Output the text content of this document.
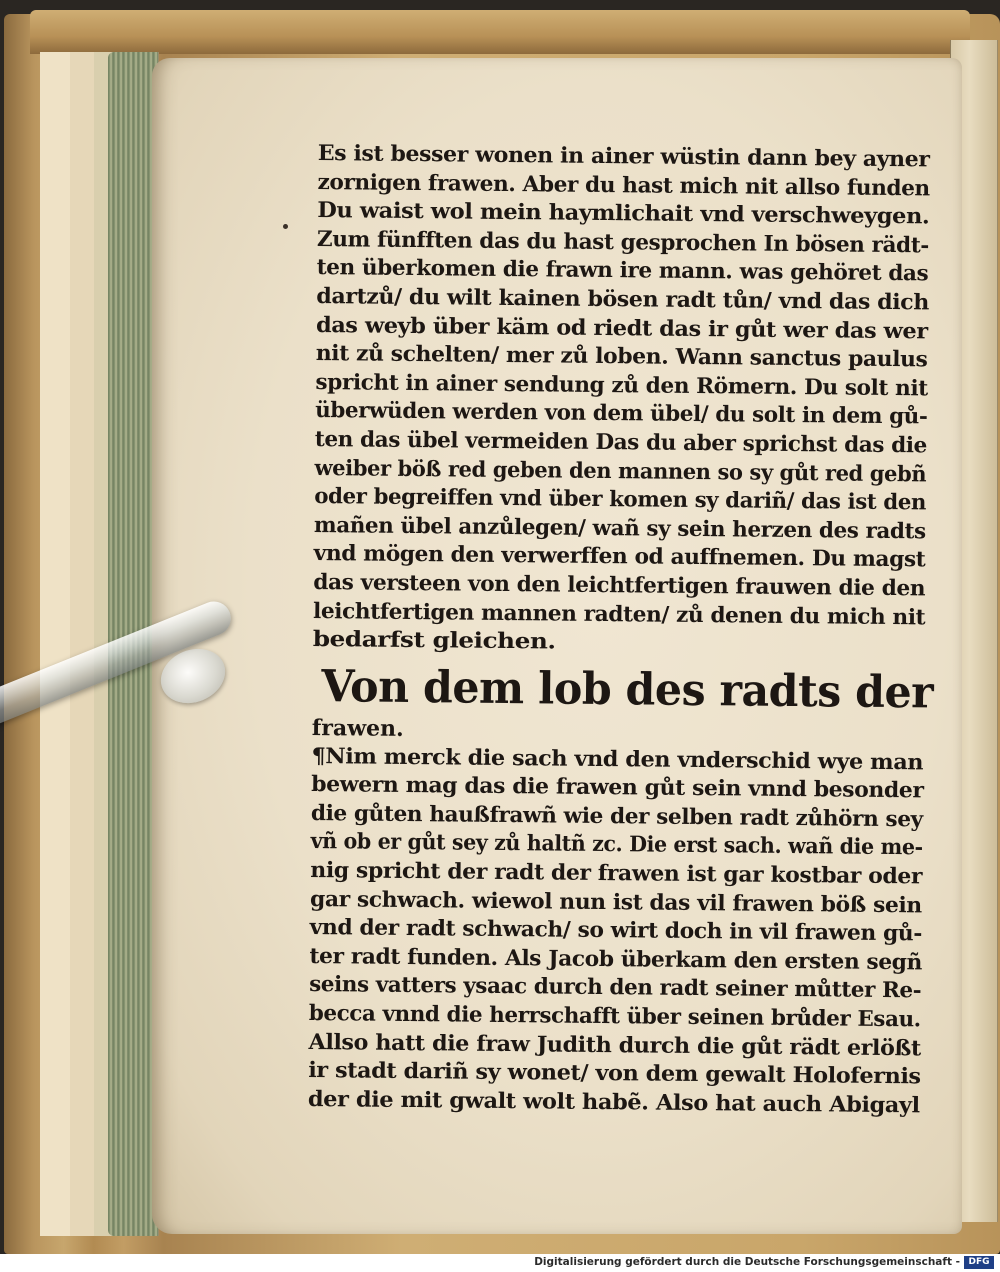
Es ist besser wonen in ainer wüstin dann bey ayner
zornigen frawen. Aber du hast mich nit allso funden
Du waist wol mein haymlichait vnd verschweygen.
Zum fünfften das du hast gesprochen In bösen rädt-
ten überkomen die frawn ire mann. was gehöret das
dartzů/ du wilt kainen bösen radt tůn/ vnd das dich
das weyb über käm od riedt das ir gůt wer das wer
nit zů schelten/ mer zů loben. Wann sanctus paulus
spricht in ainer sendung zů den Römern. Du solt nit
überwüden werden von dem übel/ du solt in dem gů-
ten das übel vermeiden Das du aber sprichst das die
weiber böß red geben den mannen so sy gůt red gebñ
oder begreiffen vnd über komen sy dariñ/ das ist den
mañen übel anzůlegen/ wañ sy sein herzen des radts
vnd mögen den verwerffen od auffnemen. Du magst
das versteen von den leichtfertigen frauwen die den
leichtfertigen mannen radten/ zů denen du mich nit
bedarfst gleichen.
Von dem lob des radts der
frawen.
¶Nim merck die sach vnd den vnderschid wye man
bewern mag das die frawen gůt sein vnnd besonder
die gůten haußfrawñ wie der selben radt zůhörn sey
vñ ob er gůt sey zů haltñ zc. Die erst sach. wañ die me-
nig spricht der radt der frawen ist gar kostbar oder
gar schwach. wiewol nun ist das vil frawen böß sein
vnd der radt schwach/ so wirt doch in vil frawen gů-
ter radt funden. Als Jacob überkam den ersten segñ
seins vatters ysaac durch den radt seiner můtter Re-
becca vnnd die herrschafft über seinen brůder Esau.
Allso hatt die fraw Judith durch die gůt rädt erlößt
ir stadt dariñ sy wonet/ von dem gewalt Holofernis
der die mit gwalt wolt habẽ. Also hat auch Abigayl
Digitalisierung gefördert durch die Deutsche Forschungsgemeinschaft - DFG
